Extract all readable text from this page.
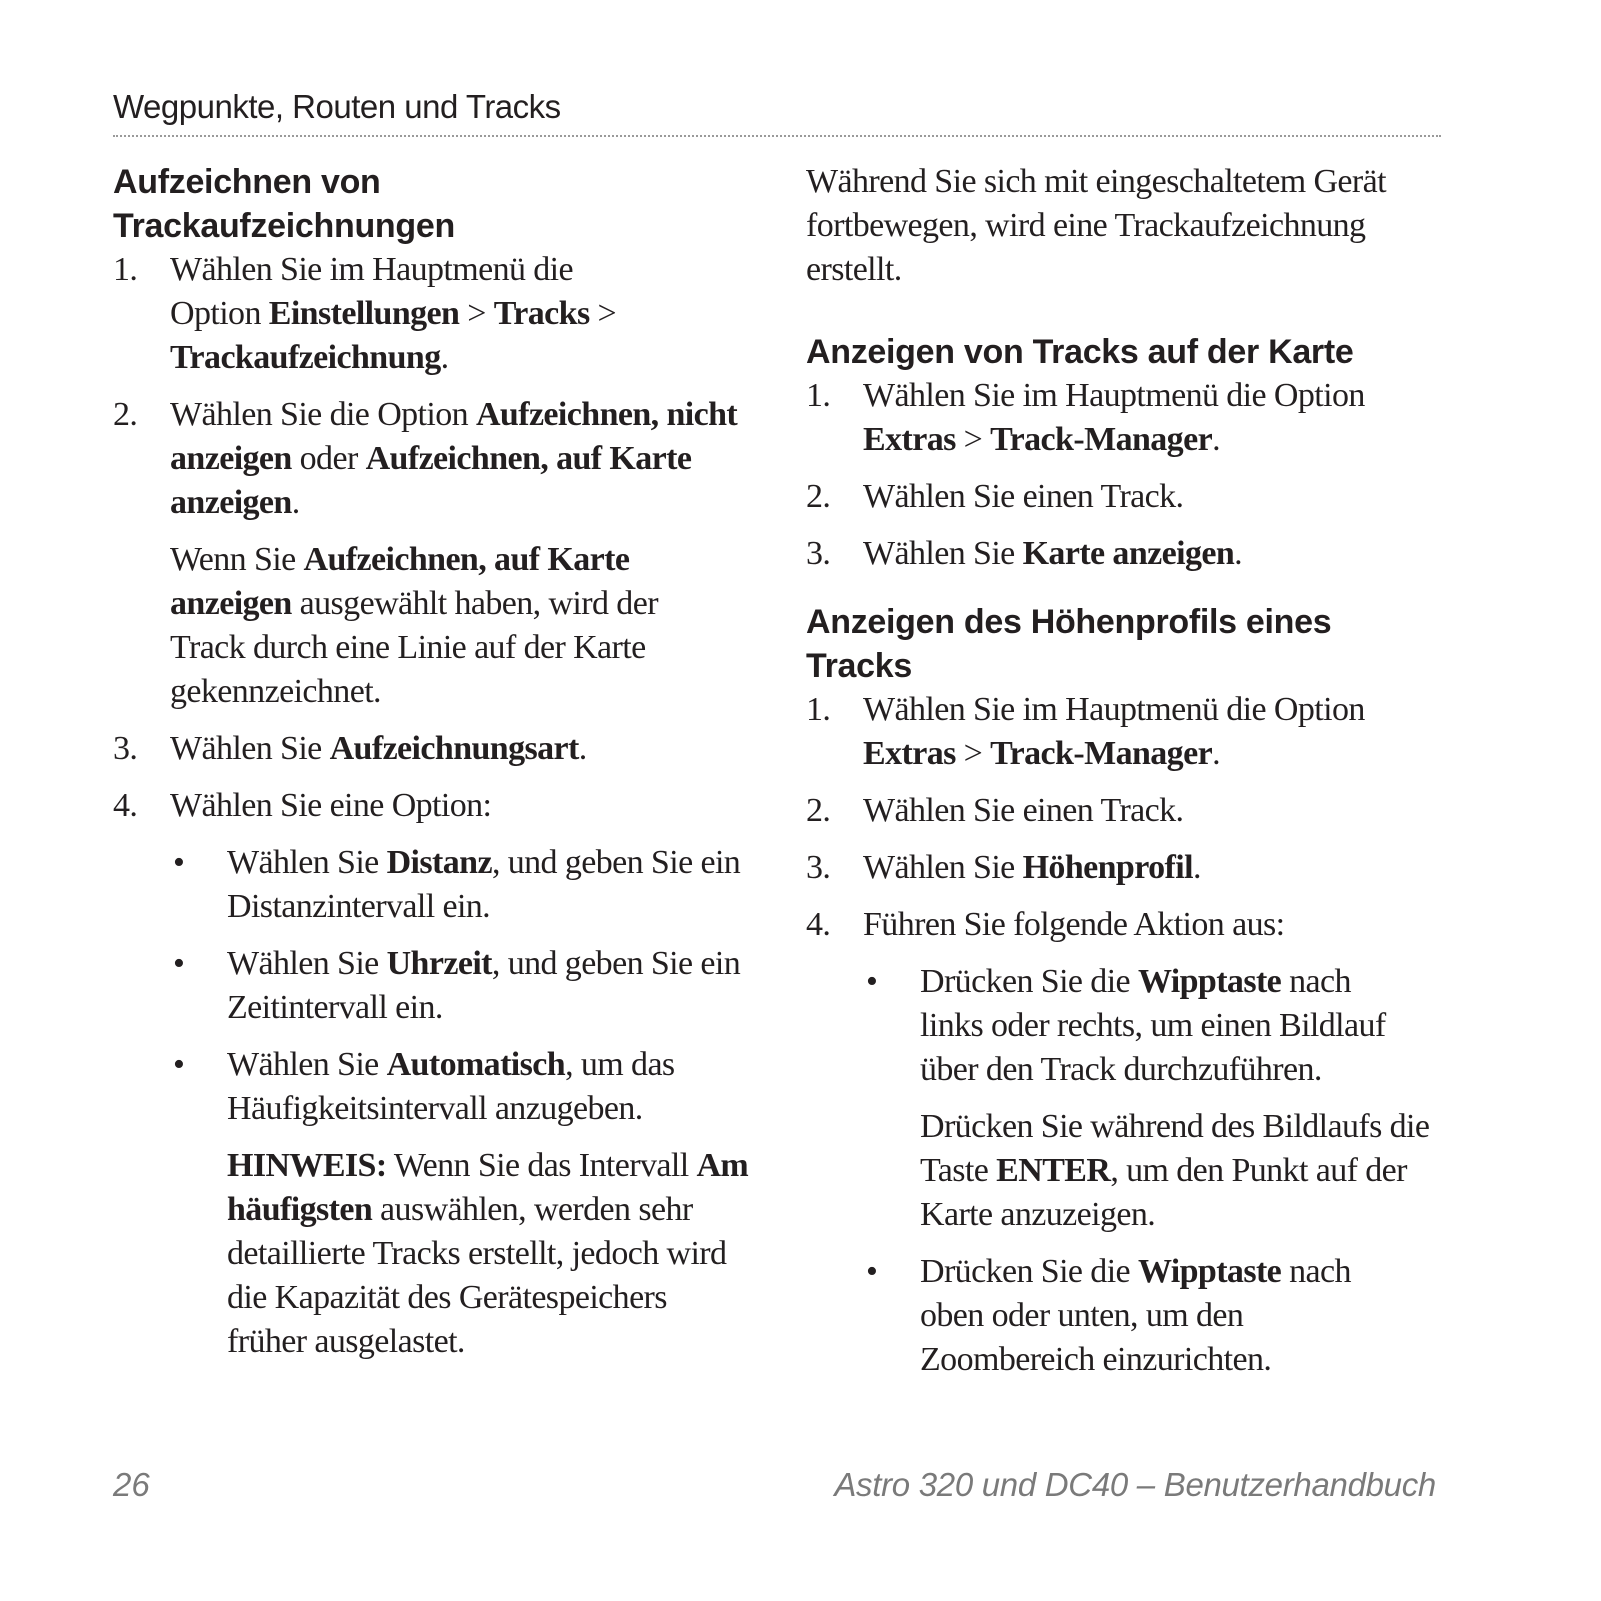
Wegpunkte, Routen und Tracks
Aufzeichnen von Trackaufzeichnungen
1. Wählen Sie im Hauptmenü die
Option Einstellungen > Tracks >
Trackaufzeichnung.
2. Wählen Sie die Option Aufzeichnen, nicht anzeigen oder Aufzeichnen, auf Karte anzeigen.
Wenn Sie Aufzeichnen, auf Karte anzeigen ausgewählt haben, wird der Track durch eine Linie auf der Karte gekennzeichnet.
3. Wählen Sie Aufzeichnungsart.
4. Wählen Sie eine Option:
• Wählen Sie Distanz, und geben Sie ein Distanzintervall ein.
• Wählen Sie Uhrzeit, und geben Sie ein Zeitintervall ein.
• Wählen Sie Automatisch, um das Häufigkeitsintervall anzugeben.
HINWEIS: Wenn Sie das Intervall Am häufigsten auswählen, werden sehr detaillierte Tracks erstellt, jedoch wird die Kapazität des Gerätespeichers früher ausgelastet.
Während Sie sich mit eingeschaltetem Gerät fortbewegen, wird eine Trackaufzeichnung erstellt.
Anzeigen von Tracks auf der Karte
1. Wählen Sie im Hauptmenü die Option Extras > Track-Manager.
2. Wählen Sie einen Track.
3. Wählen Sie Karte anzeigen.
Anzeigen des Höhenprofils eines Tracks
1. Wählen Sie im Hauptmenü die Option Extras > Track-Manager.
2. Wählen Sie einen Track.
3. Wählen Sie Höhenprofil.
4. Führen Sie folgende Aktion aus:
• Drücken Sie die Wipptaste nach links oder rechts, um einen Bildlauf über den Track durchzuführen.
Drücken Sie während des Bildlaufs die Taste ENTER, um den Punkt auf der Karte anzuzeigen.
• Drücken Sie die Wipptaste nach oben oder unten, um den Zoombereich einzurichten.
26	Astro 320 und DC40 – Benutzerhandbuch
